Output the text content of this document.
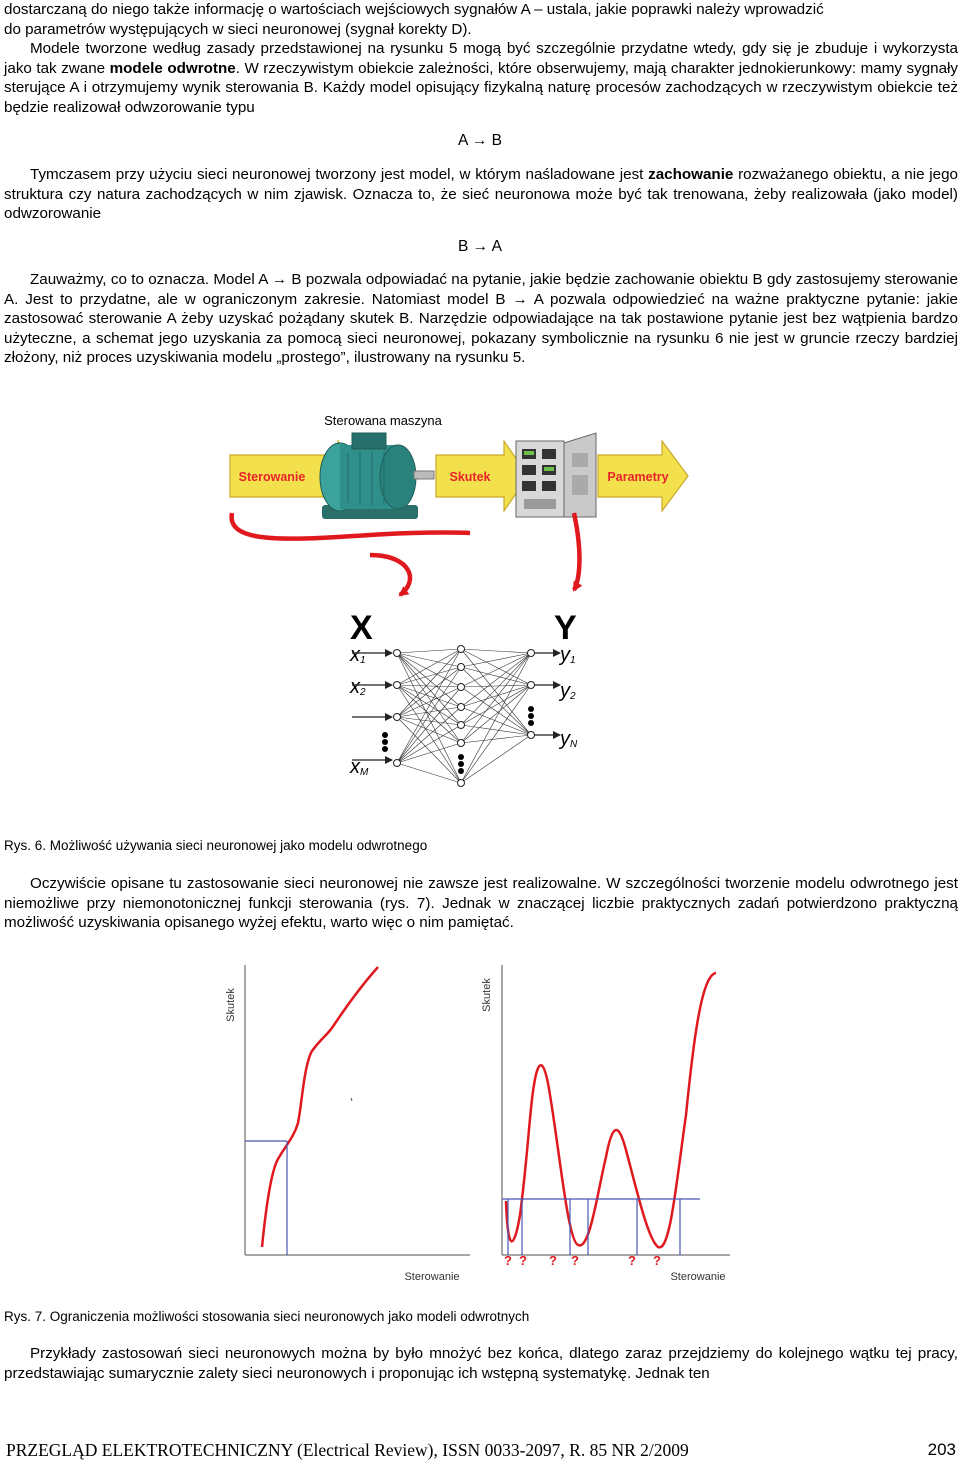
dostarczaną do niego także informację o wartościach wejściowych sygnałów A – ustala, jakie poprawki należy wprowadzić
do parametrów występujących w sieci neuronowej (sygnał korekty D).

Modele tworzone według zasady przedstawionej na rysunku 5 mogą być szczególnie przydatne wtedy, gdy się je zbuduje i wykorzysta jako tak zwane modele odwrotne. W rzeczywistym obiekcie zależności, które obserwujemy, mają charakter jednokierunkowy: mamy sygnały sterujące A i otrzymujemy wynik sterowania B. Każdy model opisujący fizykalną naturę procesów zachodzących w rzeczywistym obiekcie też będzie realizował odwzorowanie typu

A → B

Tymczasem przy użyciu sieci neuronowej tworzony jest model, w którym naśladowane jest zachowanie rozważanego obiektu, a nie jego struktura czy natura zachodzących w nim zjawisk. Oznacza to, że sieć neuronowa może być tak trenowana, żeby realizowała (jako model) odwzorowanie

B → A

Zauważmy, co to oznacza. Model A → B pozwala odpowiadać na pytanie, jakie będzie zachowanie obiektu B gdy zastosujemy sterowanie A. Jest to przydatne, ale w ograniczonym zakresie. Natomiast model B → A pozwala odpowiedzieć na ważne praktyczne pytanie: jakie zastosować sterowanie A żeby uzyskać pożądany skutek B. Narzędzie odpowiadające na tak postawione pytanie jest bez wątpienia bardzo użyteczne, a schemat jego uzyskania za pomocą sieci neuronowej, pokazany symbolicznie na rysunku 6 nie jest w gruncie rzeczy bardziej złożony, niż proces uzyskiwania modelu „prostego”, ilustrowany na rysunku 5.

Sterowana maszyna
Sterowanie	Skutek	Parametry
X	Y
x1
x2
xM
y1
y2
yN
Rys. 6. Możliwość używania sieci neuronowej jako modelu odwrotnego

Oczywiście opisane tu zastosowanie sieci neuronowej nie zawsze jest realizowalne. W szczególności tworzenie modelu odwrotnego jest niemożliwe przy niemonotonicznej funkcji sterowania (rys. 7). Jednak w znaczącej liczbie praktycznych zadań potwierdzono praktyczną możliwość uzyskiwania opisanego wyżej efektu, warto więc o nim pamiętać.

Skutek
Sterowanie
Skutek
Sterowanie
? ? ? ?	? ?
Rys. 7. Ograniczenia możliwości stosowania sieci neuronowych jako modeli odwrotnych

Przykłady zastosowań sieci neuronowych można by było mnożyć bez końca, dlatego zaraz przejdziemy do kolejnego wątku tej pracy, przedstawiając sumarycznie zalety sieci neuronowych i proponując ich wstępną systematykę. Jednak ten

PRZEGLĄD ELEKTROTECHNICZNY (Electrical Review), ISSN 0033-2097, R. 85 NR 2/2009	203
